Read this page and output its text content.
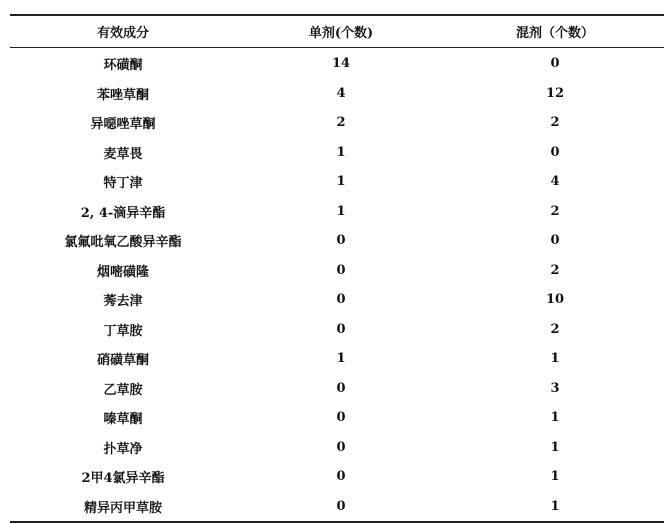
有效成分	单剂(个数)	混剂（个数）
环磺酮	14	0
苯唑草酮	4	12
异噁唑草酮	2	2
麦草畏	1	0
特丁津	1	4
2, 4-滴异辛酯	1	2
氯氟吡氧乙酸异辛酯	0	0
烟嘧磺隆	0	2
莠去津	0	10
丁草胺	0	2
硝磺草酮	1	1
乙草胺	0	3
嗪草酮	0	1
扑草净	0	1
2甲4氯异辛酯	0	1
精异丙甲草胺	0	1
